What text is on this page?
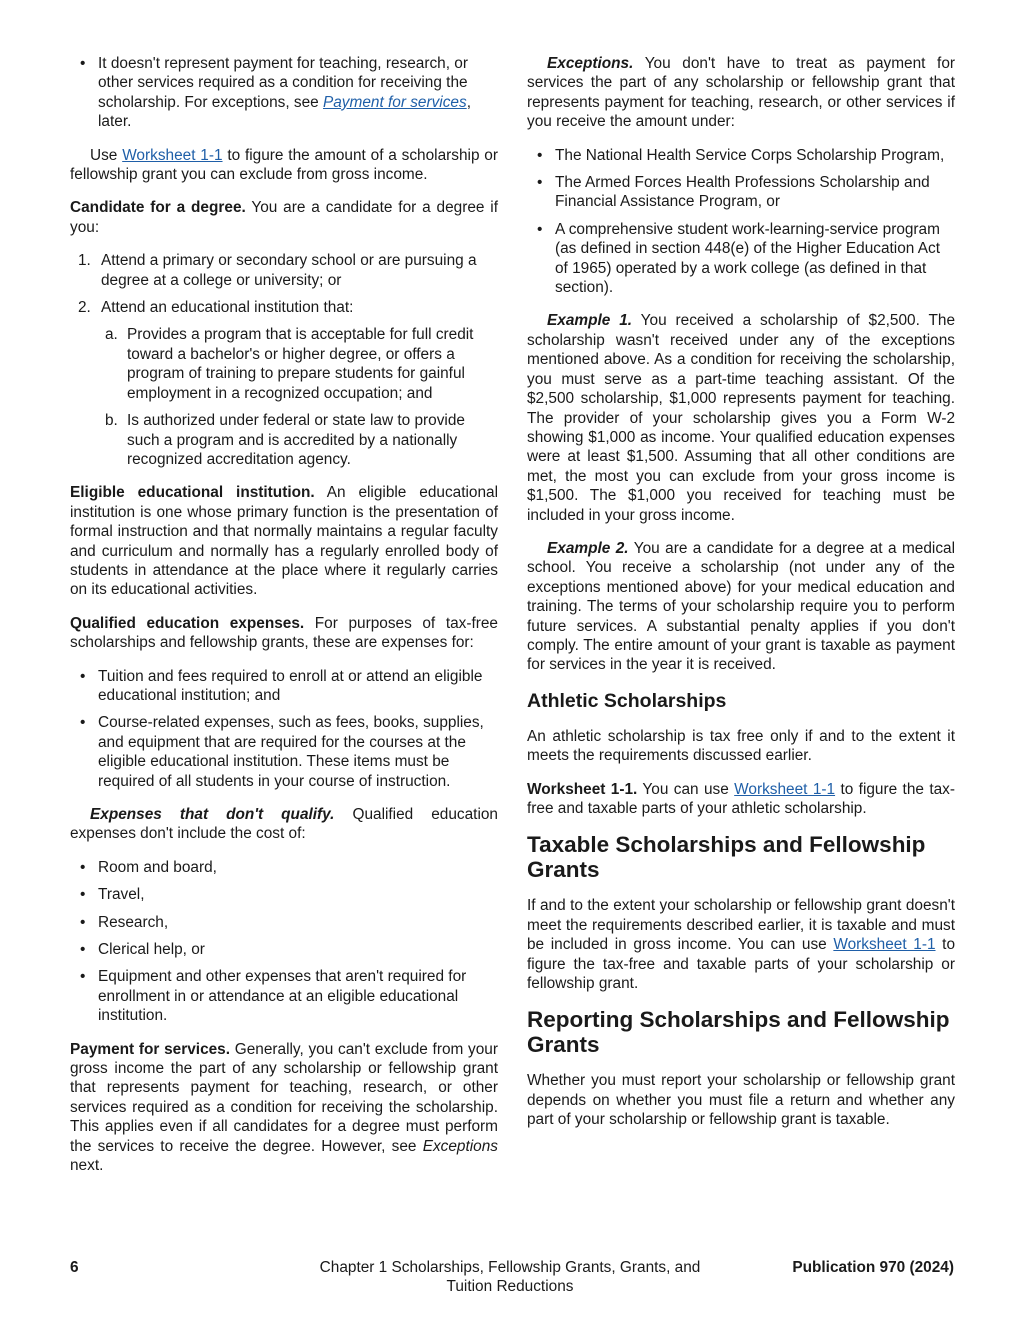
• It doesn't represent payment for teaching, research, or other services required as a condition for receiving the scholarship. For exceptions, see Payment for services, later.

Use Worksheet 1-1 to figure the amount of a scholarship or fellowship grant you can exclude from gross income.

Candidate for a degree. You are a candidate for a degree if you:

1. Attend a primary or secondary school or are pursuing a degree at a college or university; or
2. Attend an educational institution that:
a. Provides a program that is acceptable for full credit toward a bachelor's or higher degree, or offers a program of training to prepare students for gainful employment in a recognized occupation; and
b. Is authorized under federal or state law to provide such a program and is accredited by a nationally recognized accreditation agency.

Eligible educational institution. An eligible educational institution is one whose primary function is the presentation of formal instruction and that normally maintains a regular faculty and curriculum and normally has a regularly enrolled body of students in attendance at the place where it regularly carries on its educational activities.

Qualified education expenses. For purposes of tax-free scholarships and fellowship grants, these are expenses for:

• Tuition and fees required to enroll at or attend an eligible educational institution; and
• Course-related expenses, such as fees, books, supplies, and equipment that are required for the courses at the eligible educational institution. These items must be required of all students in your course of instruction.

Expenses that don't qualify. Qualified education expenses don't include the cost of:

• Room and board,
• Travel,
• Research,
• Clerical help, or
• Equipment and other expenses that aren't required for enrollment in or attendance at an eligible educational institution.

Payment for services. Generally, you can't exclude from your gross income the part of any scholarship or fellowship grant that represents payment for teaching, research, or other services required as a condition for receiving the scholarship. This applies even if all candidates for a degree must perform the services to receive the degree. However, see Exceptions next.

Exceptions. You don't have to treat as payment for services the part of any scholarship or fellowship grant that represents payment for teaching, research, or other services if you receive the amount under:

• The National Health Service Corps Scholarship Program,
• The Armed Forces Health Professions Scholarship and Financial Assistance Program, or
• A comprehensive student work-learning-service program (as defined in section 448(e) of the Higher Education Act of 1965) operated by a work college (as defined in that section).

Example 1. You received a scholarship of $2,500. The scholarship wasn't received under any of the exceptions mentioned above. As a condition for receiving the scholarship, you must serve as a part-time teaching assistant. Of the $2,500 scholarship, $1,000 represents payment for teaching. The provider of your scholarship gives you a Form W-2 showing $1,000 as income. Your qualified education expenses were at least $1,500. Assuming that all other conditions are met, the most you can exclude from your gross income is $1,500. The $1,000 you received for teaching must be included in your gross income.

Example 2. You are a candidate for a degree at a medical school. You receive a scholarship (not under any of the exceptions mentioned above) for your medical education and training. The terms of your scholarship require you to perform future services. A substantial penalty applies if you don't comply. The entire amount of your grant is taxable as payment for services in the year it is received.

Athletic Scholarships

An athletic scholarship is tax free only if and to the extent it meets the requirements discussed earlier.

Worksheet 1-1. You can use Worksheet 1-1 to figure the tax-free and taxable parts of your athletic scholarship.

Taxable Scholarships and Fellowship Grants

If and to the extent your scholarship or fellowship grant doesn't meet the requirements described earlier, it is taxable and must be included in gross income. You can use Worksheet 1-1 to figure the tax-free and taxable parts of your scholarship or fellowship grant.

Reporting Scholarships and Fellowship Grants

Whether you must report your scholarship or fellowship grant depends on whether you must file a return and whether any part of your scholarship or fellowship grant is taxable.

6	Chapter 1 Scholarships, Fellowship Grants, Grants, and Tuition Reductions
Publication 970 (2024)
